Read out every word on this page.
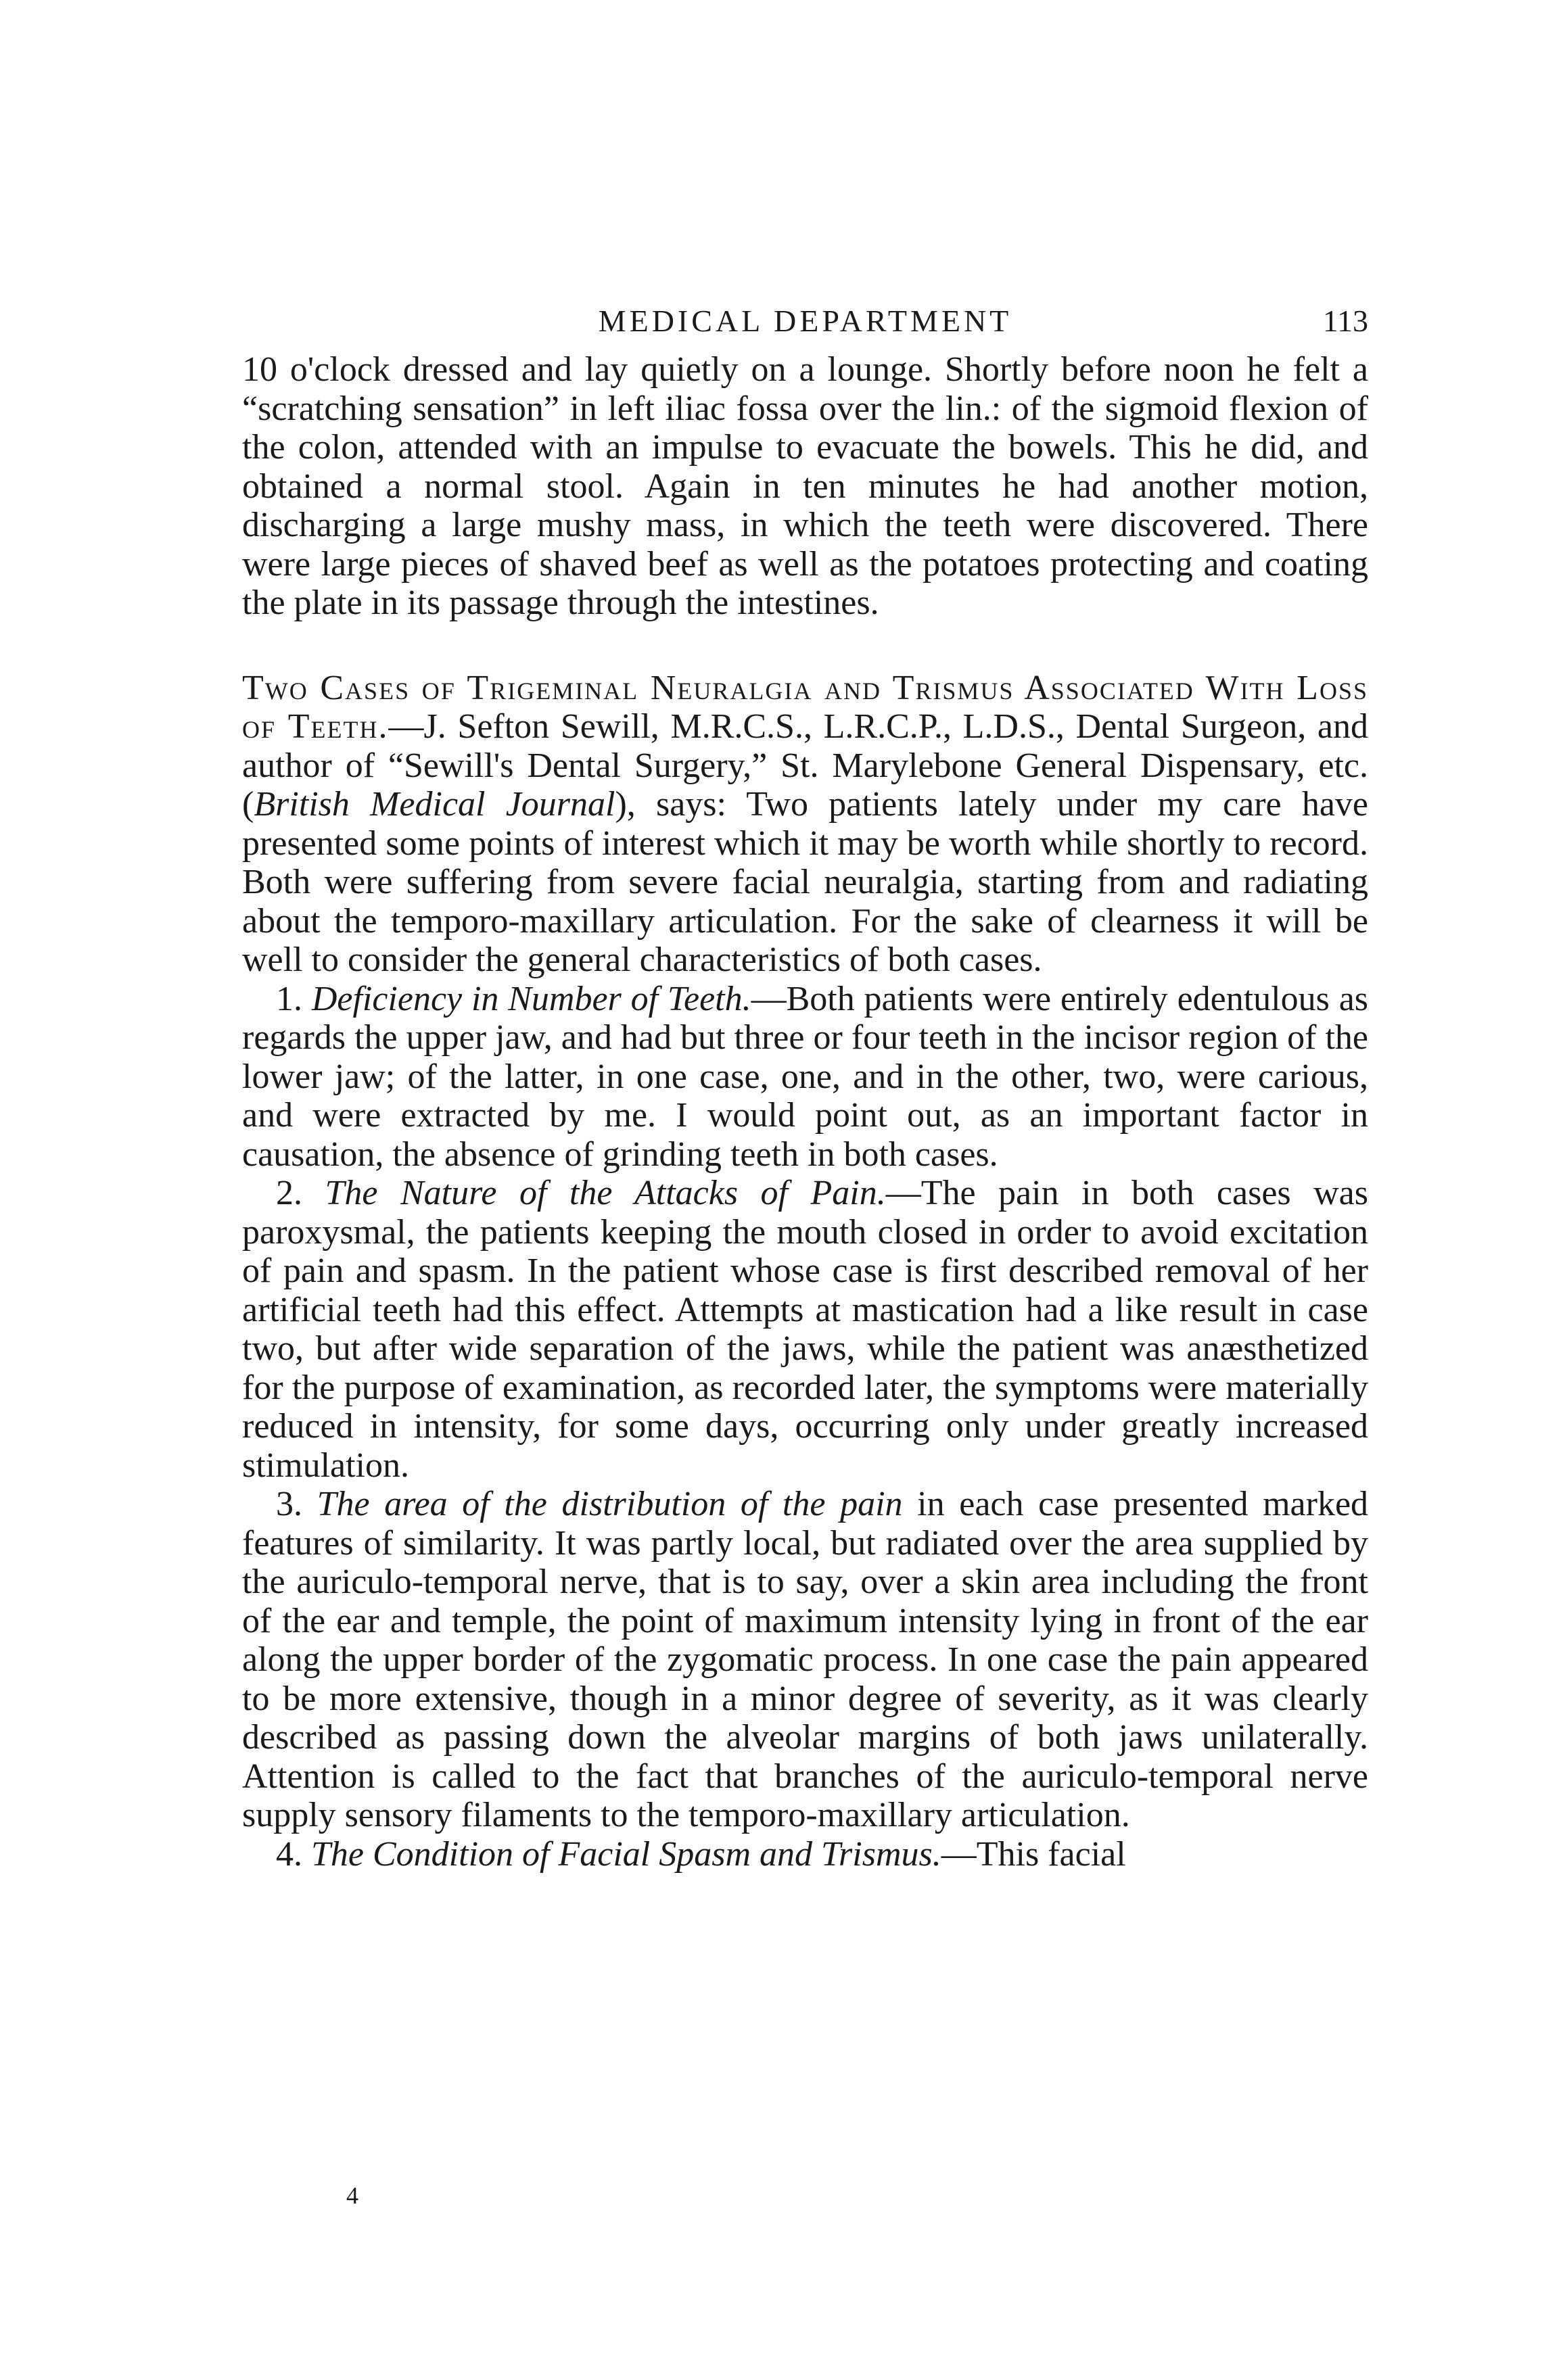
MEDICAL DEPARTMENT	113

10 o'clock dressed and lay quietly on a lounge. Shortly before noon he felt a “scratching sensation” in left iliac fossa over the lin.: of the sigmoid flexion of the colon, attended with an impulse to evacuate the bowels. This he did, and obtained a normal stool. Again in ten minutes he had another motion, discharging a large mushy mass, in which the teeth were discovered. There were large pieces of shaved beef as well as the potatoes protecting and coating the plate in its passage through the intestines.

Two Cases of Trigeminal Neuralgia and Trismus Associated With Loss of Teeth.—J. Sefton Sewill, M.R.C.S., L.R.C.P., L.D.S., Dental Surgeon, and author of “Sewill's Dental Surgery,” St. Marylebone General Dispensary, etc. (British Medical Journal), says: Two patients lately under my care have presented some points of interest which it may be worth while shortly to record. Both were suffering from severe facial neuralgia, starting from and radiating about the temporo-maxillary articulation. For the sake of clearness it will be well to consider the general characteristics of both cases.

1. Deficiency in Number of Teeth.—Both patients were entirely edentulous as regards the upper jaw, and had but three or four teeth in the incisor region of the lower jaw; of the latter, in one case, one, and in the other, two, were carious, and were extracted by me. I would point out, as an important factor in causation, the absence of grinding teeth in both cases.

2. The Nature of the Attacks of Pain.—The pain in both cases was paroxysmal, the patients keeping the mouth closed in order to avoid excitation of pain and spasm. In the patient whose case is first described removal of her artificial teeth had this effect. Attempts at mastication had a like result in case two, but after wide separation of the jaws, while the patient was anæsthetized for the purpose of examination, as recorded later, the symptoms were materially reduced in intensity, for some days, occurring only under greatly increased stimulation.

3. The area of the distribution of the pain in each case presented marked features of similarity. It was partly local, but radiated over the area supplied by the auriculo-temporal nerve, that is to say, over a skin area including the front of the ear and temple, the point of maximum intensity lying in front of the ear along the upper border of the zygomatic process. In one case the pain appeared to be more extensive, though in a minor degree of severity, as it was clearly described as passing down the alveolar margins of both jaws unilaterally. Attention is called to the fact that branches of the auriculo-temporal nerve supply sensory filaments to the temporo-maxillary articulation.

4. The Condition of Facial Spasm and Trismus.—This facial

4
